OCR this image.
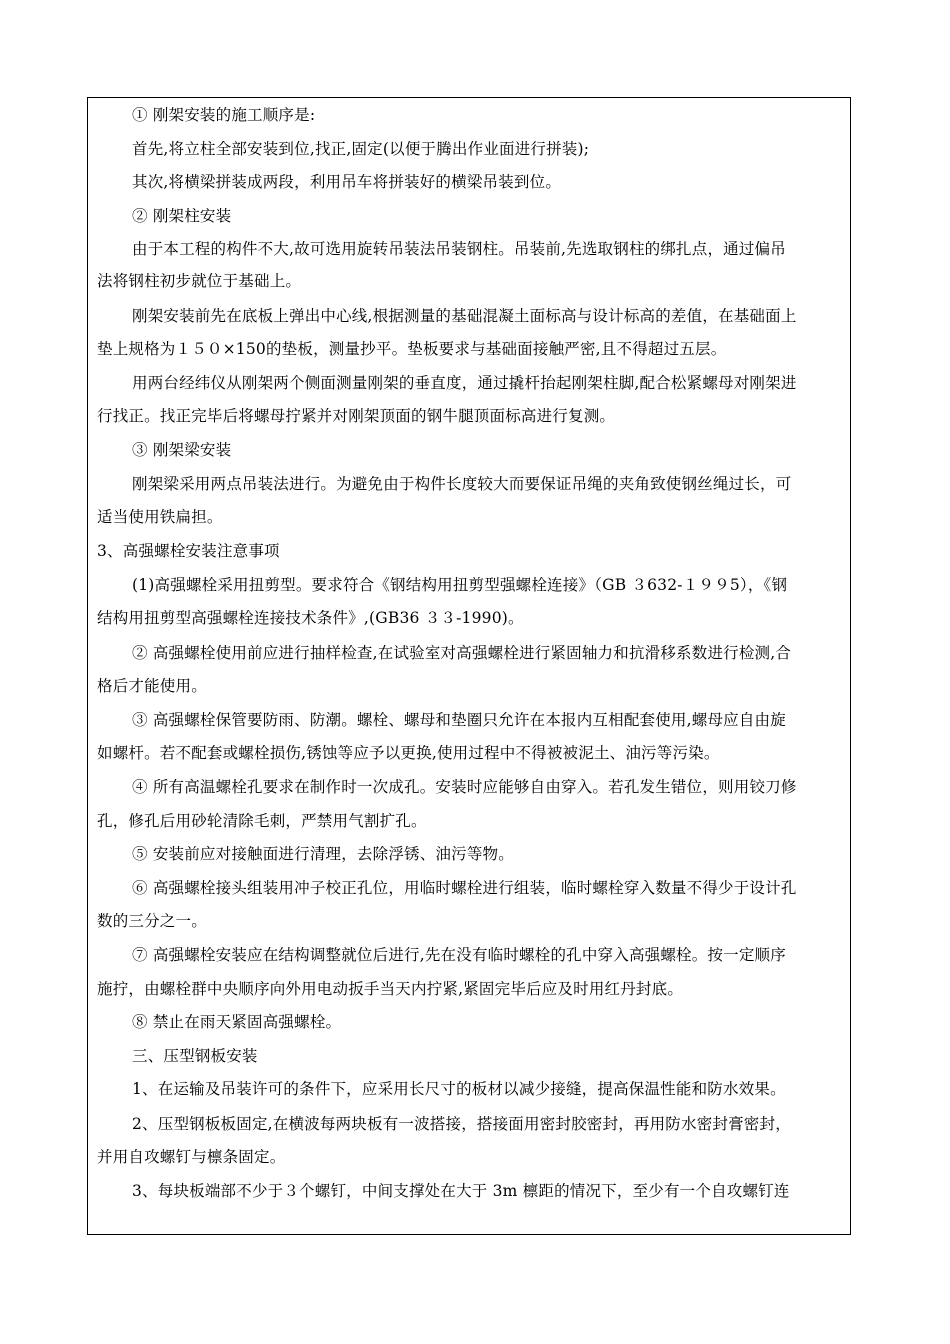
① 刚架安装的施工顺序是:
首先,将立柱全部安装到位,找正,固定(以便于腾出作业面进行拼装);
其次,将横梁拼装成两段，利用吊车将拼装好的横梁吊装到位。
② 刚架柱安装
由于本工程的构件不大,故可选用旋转吊装法吊装钢柱。吊装前,先选取钢柱的绑扎点，通过偏吊
法将钢柱初步就位于基础上。
刚架安装前先在底板上弹出中心线,根据测量的基础混凝土面标高与设计标高的差值，在基础面上
垫上规格为１５０×150的垫板，测量抄平。垫板要求与基础面接触严密,且不得超过五层。
用两台经纬仪从刚架两个侧面测量刚架的垂直度，通过撬杆抬起刚架柱脚,配合松紧螺母对刚架进
行找正。找正完毕后将螺母拧紧并对刚架顶面的钢牛腿顶面标高进行复测。
③ 刚架梁安装
刚架梁采用两点吊装法进行。为避免由于构件长度较大而要保证吊绳的夹角致使钢丝绳过长，可
适当使用铁扁担。
3、高强螺栓安装注意事项
(1)高强螺栓采用扭剪型。要求符合《钢结构用扭剪型强螺栓连接》（GB ３632-１９９5），《钢
结构用扭剪型高强螺栓连接技术条件》,(GB36 ３３-1990)。
② 高强螺栓使用前应进行抽样检查,在试验室对高强螺栓进行紧固轴力和抗滑移系数进行检测,合
格后才能使用。
③ 高强螺栓保管要防雨、防潮。螺栓、螺母和垫圈只允许在本报内互相配套使用,螺母应自由旋
如螺杆。若不配套或螺栓损伤,锈蚀等应予以更换,使用过程中不得被被泥土、油污等污染。
④ 所有高温螺栓孔要求在制作时一次成孔。安装时应能够自由穿入。若孔发生错位，则用铰刀修
孔，修孔后用砂轮清除毛刺，严禁用气割扩孔。
⑤ 安装前应对接触面进行清理，去除浮锈、油污等物。
⑥ 高强螺栓接头组装用冲子校正孔位，用临时螺栓进行组装，临时螺栓穿入数量不得少于设计孔
数的三分之一。
⑦ 高强螺栓安装应在结构调整就位后进行,先在没有临时螺栓的孔中穿入高强螺栓。按一定顺序
施拧，由螺栓群中央顺序向外用电动扳手当天内拧紧,紧固完毕后应及时用红丹封底。
⑧ 禁止在雨天紧固高强螺栓。
三、压型钢板安装
1、在运输及吊装许可的条件下，应采用长尺寸的板材以减少接缝，提高保温性能和防水效果。
2、压型钢板板固定,在横波每两块板有一波搭接，搭接面用密封胶密封，再用防水密封膏密封，
并用自攻螺钉与檩条固定。
3、每块板端部不少于３个螺钉，中间支撑处在大于 3m 檩距的情况下，至少有一个自攻螺钉连
